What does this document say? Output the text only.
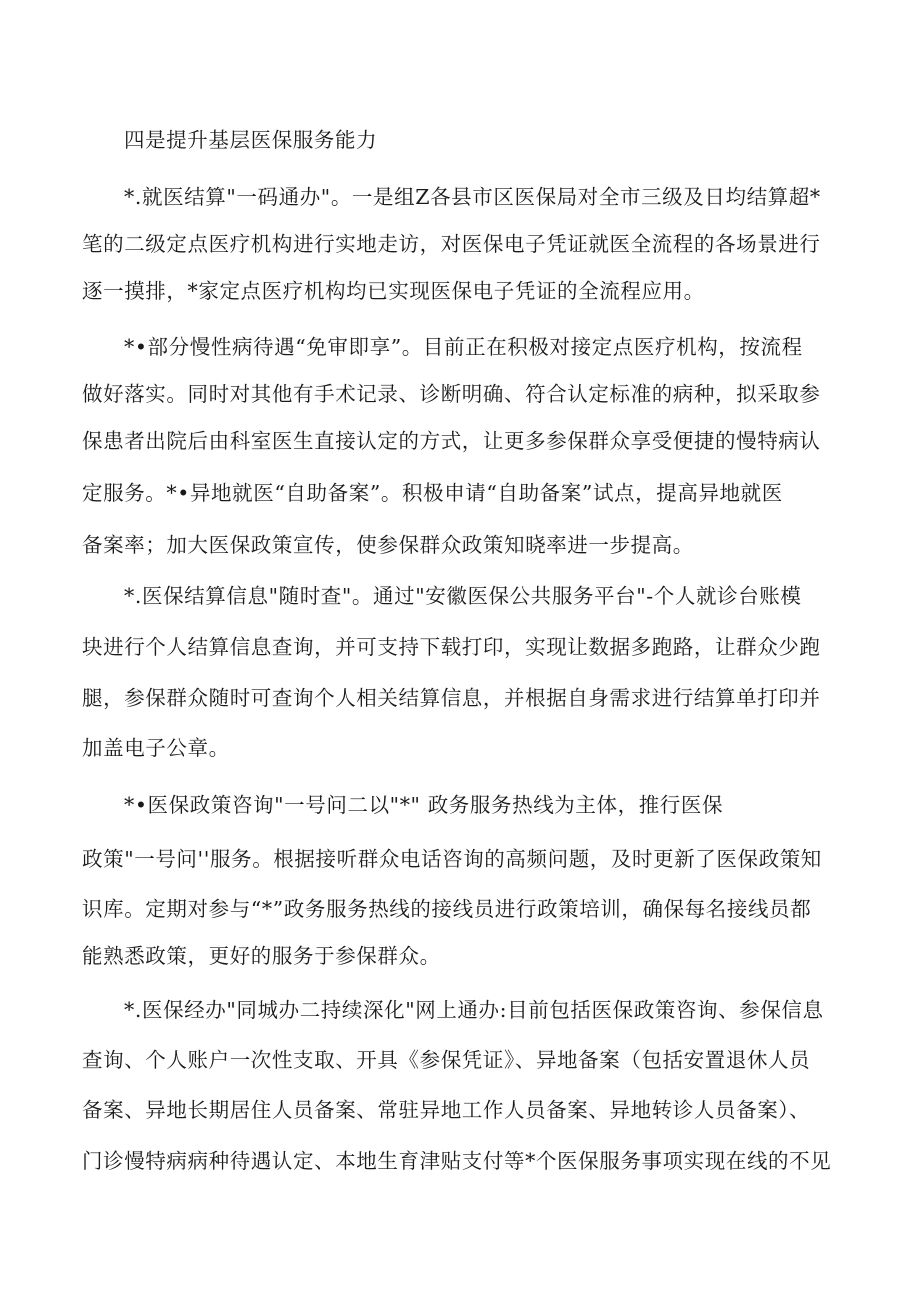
四是提升基层医保服务能力
*.就医结算"一码通办"。一是组Z各县市区医保局对全市三级及日均结算超*
笔的二级定点医疗机构进行实地走访，对医保电子凭证就医全流程的各场景进行
逐一摸排，*家定点医疗机构均已实现医保电子凭证的全流程应用。
*•部分慢性病待遇“免审即享”。目前正在积极对接定点医疗机构，按流程
做好落实。同时对其他有手术记录、诊断明确、符合认定标准的病种，拟采取参
保患者出院后由科室医生直接认定的方式，让更多参保群众享受便捷的慢特病认
定服务。*•异地就医“自助备案”。积极申请“自助备案”试点，提高异地就医
备案率；加大医保政策宣传，使参保群众政策知晓率进一步提高。
*.医保结算信息"随时查"。通过"安徽医保公共服务平台"-个人就诊台账模
块进行个人结算信息查询，并可支持下载打印，实现让数据多跑路，让群众少跑
腿，参保群众随时可查询个人相关结算信息，并根据自身需求进行结算单打印并
加盖电子公章。
*•医保政策咨询"一号问二以"*" 政务服务热线为主体，推行医保
政策"一号问''服务。根据接听群众电话咨询的高频问题，及时更新了医保政策知
识库。定期对参与“*”政务服务热线的接线员进行政策培训，确保每名接线员都
能熟悉政策，更好的服务于参保群众。
*.医保经办"同城办二持续深化"网上通办:目前包括医保政策咨询、参保信息
查询、个人账户一次性支取、开具《参保凭证》、异地备案（包括安置退休人员
备案、异地长期居住人员备案、常驻异地工作人员备案、异地转诊人员备案）、
门诊慢特病病种待遇认定、本地生育津贴支付等*个医保服务事项实现在线的不见
